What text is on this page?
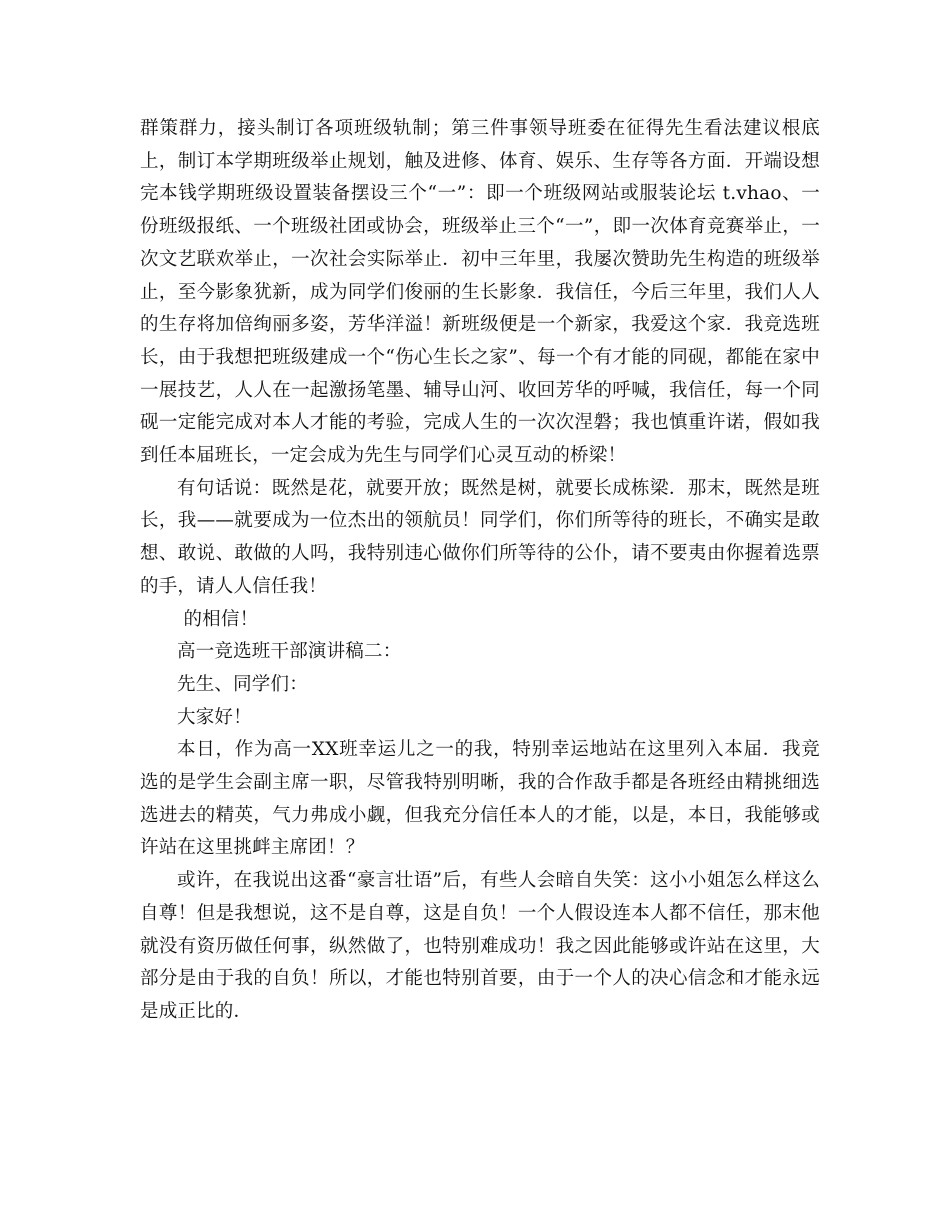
群策群力，接头制订各项班级轨制；第三件事领导班委在征得先生看法建议根底上，制订本学期班级举止规划，触及进修、体育、娱乐、生存等各方面．开端设想完本钱学期班级设置装备摆设三个“一”：即一个班级网站或服装论坛 t.vhao、一份班级报纸、一个班级社团或协会，班级举止三个“一”，即一次体育竞赛举止，一次文艺联欢举止，一次社会实际举止．初中三年里，我屡次赞助先生构造的班级举止，至今影象犹新，成为同学们俊丽的生长影象．我信任，今后三年里，我们人人的生存将加倍绚丽多姿，芳华洋溢！新班级便是一个新家，我爱这个家．我竞选班长，由于我想把班级建成一个“伤心生长之家”、每一个有才能的同砚，都能在家中一展技艺，人人在一起激扬笔墨、辅导山河、收回芳华的呼喊，我信任，每一个同砚一定能完成对本人才能的考验，完成人生的一次次涅磐；我也慎重许诺，假如我到任本届班长，一定会成为先生与同学们心灵互动的桥梁！

有句话说：既然是花，就要开放；既然是树，就要长成栋梁．那末，既然是班长，我——就要成为一位杰出的领航员！同学们，你们所等待的班长，不确实是敢想、敢说、敢做的人吗，我特别违心做你们所等待的公仆，请不要夷由你握着选票的手，请人人信任我！

的相信！

高一竞选班干部演讲稿二：

先生、同学们：

大家好！

本日，作为高一XX班幸运儿之一的我，特别幸运地站在这里列入本届．我竞选的是学生会副主席一职，尽管我特别明晰，我的合作敌手都是各班经由精挑细选选进去的精英，气力弗成小觑，但我充分信任本人的才能，以是，本日，我能够或许站在这里挑衅主席团！？

或许，在我说出这番“豪言壮语”后，有些人会暗自失笑：这小小姐怎么样这么自尊！但是我想说，这不是自尊，这是自负！一个人假设连本人都不信任，那末他就没有资历做任何事，纵然做了，也特别难成功！我之因此能够或许站在这里，大部分是由于我的自负！所以，才能也特别首要，由于一个人的决心信念和才能永远是成正比的．
